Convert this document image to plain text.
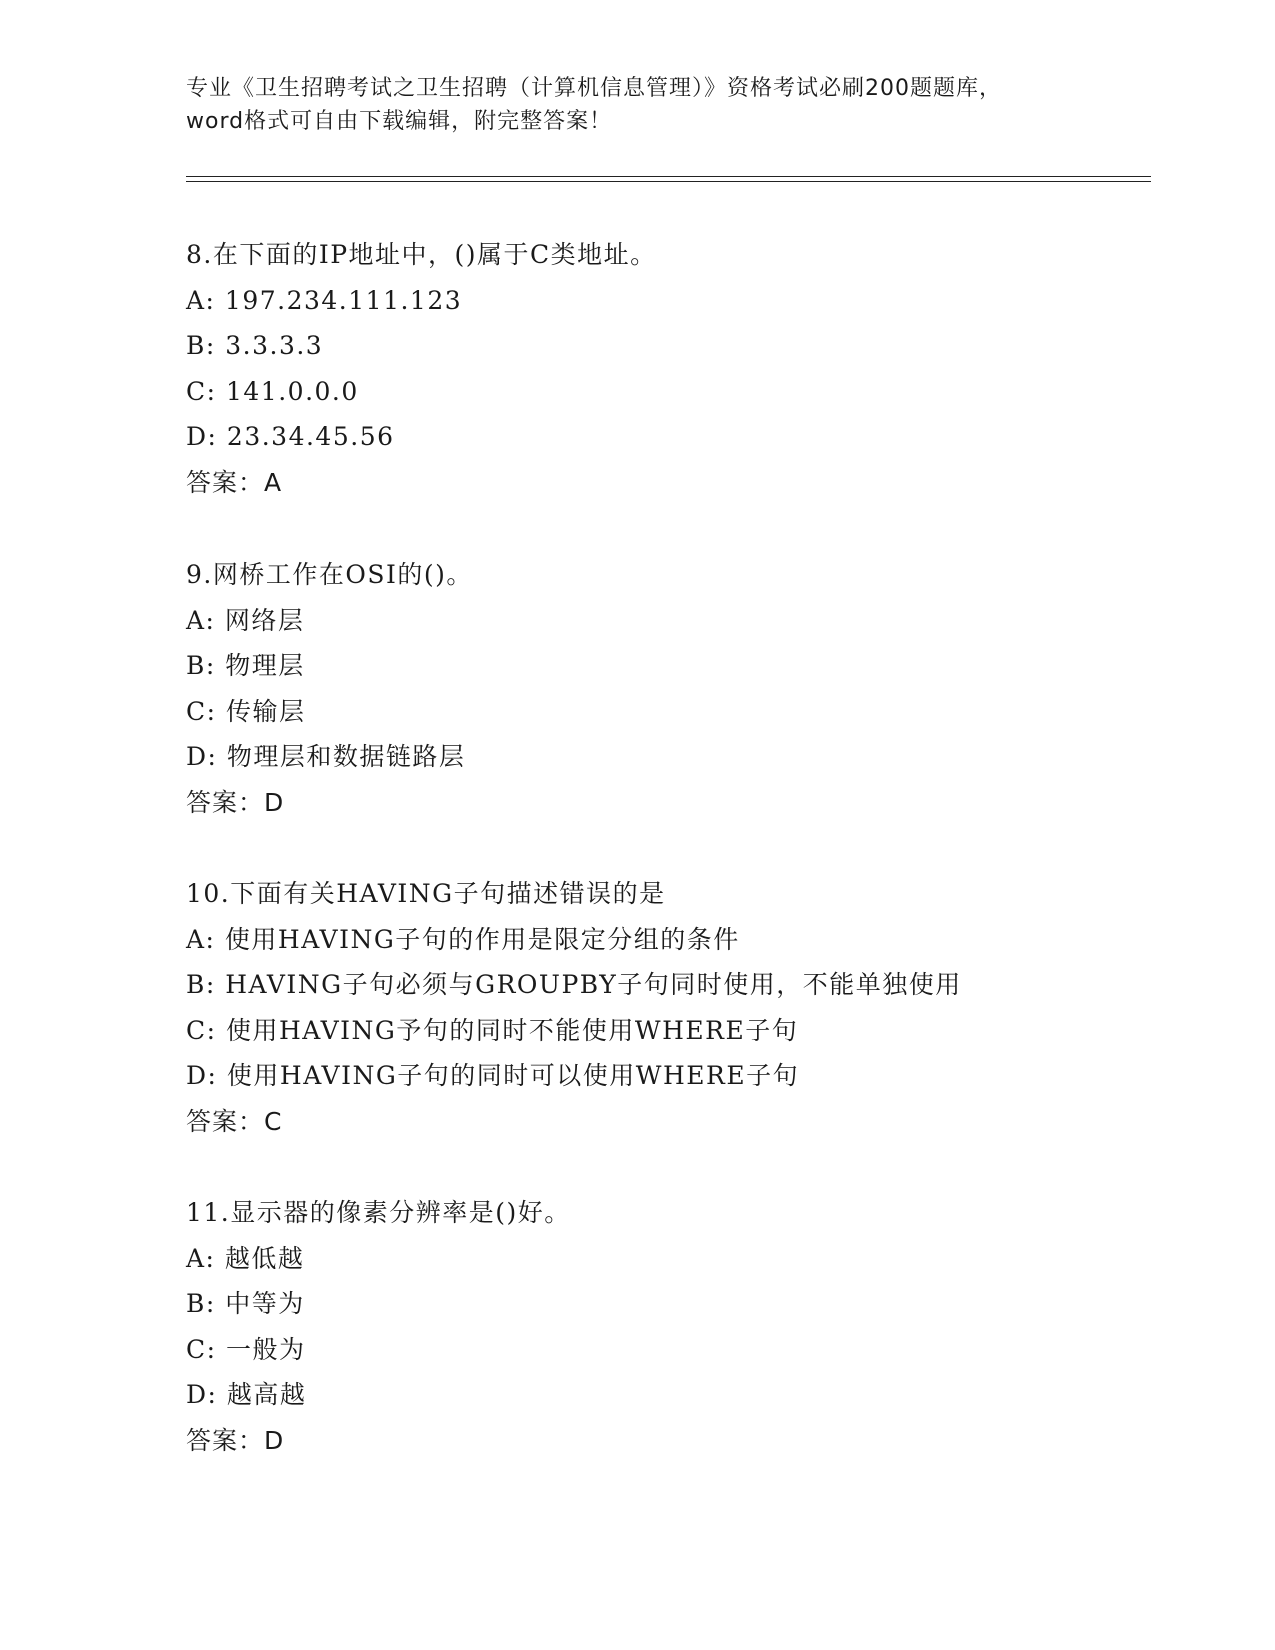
专业《卫生招聘考试之卫生招聘（计算机信息管理）》资格考试必刷200题题库，
word格式可自由下载编辑，附完整答案！
8.在下面的IP地址中，()属于C类地址。
A: 197.234.111.123
B: 3.3.3.3
C: 141.0.0.0
D: 23.34.45.56
答案：A
9.网桥工作在OSI的()。
A: 网络层
B: 物理层
C: 传输层
D: 物理层和数据链路层
答案：D
10.下面有关HAVING子句描述错误的是
A: 使用HAVING子句的作用是限定分组的条件
B: HAVING子句必须与GROUPBY子句同时使用，不能单独使用
C: 使用HAVING予句的同时不能使用WHERE子句
D: 使用HAVING子句的同时可以使用WHERE子句
答案：C
11.显示器的像素分辨率是()好。
A: 越低越
B: 中等为
C: 一般为
D: 越高越
答案：D
